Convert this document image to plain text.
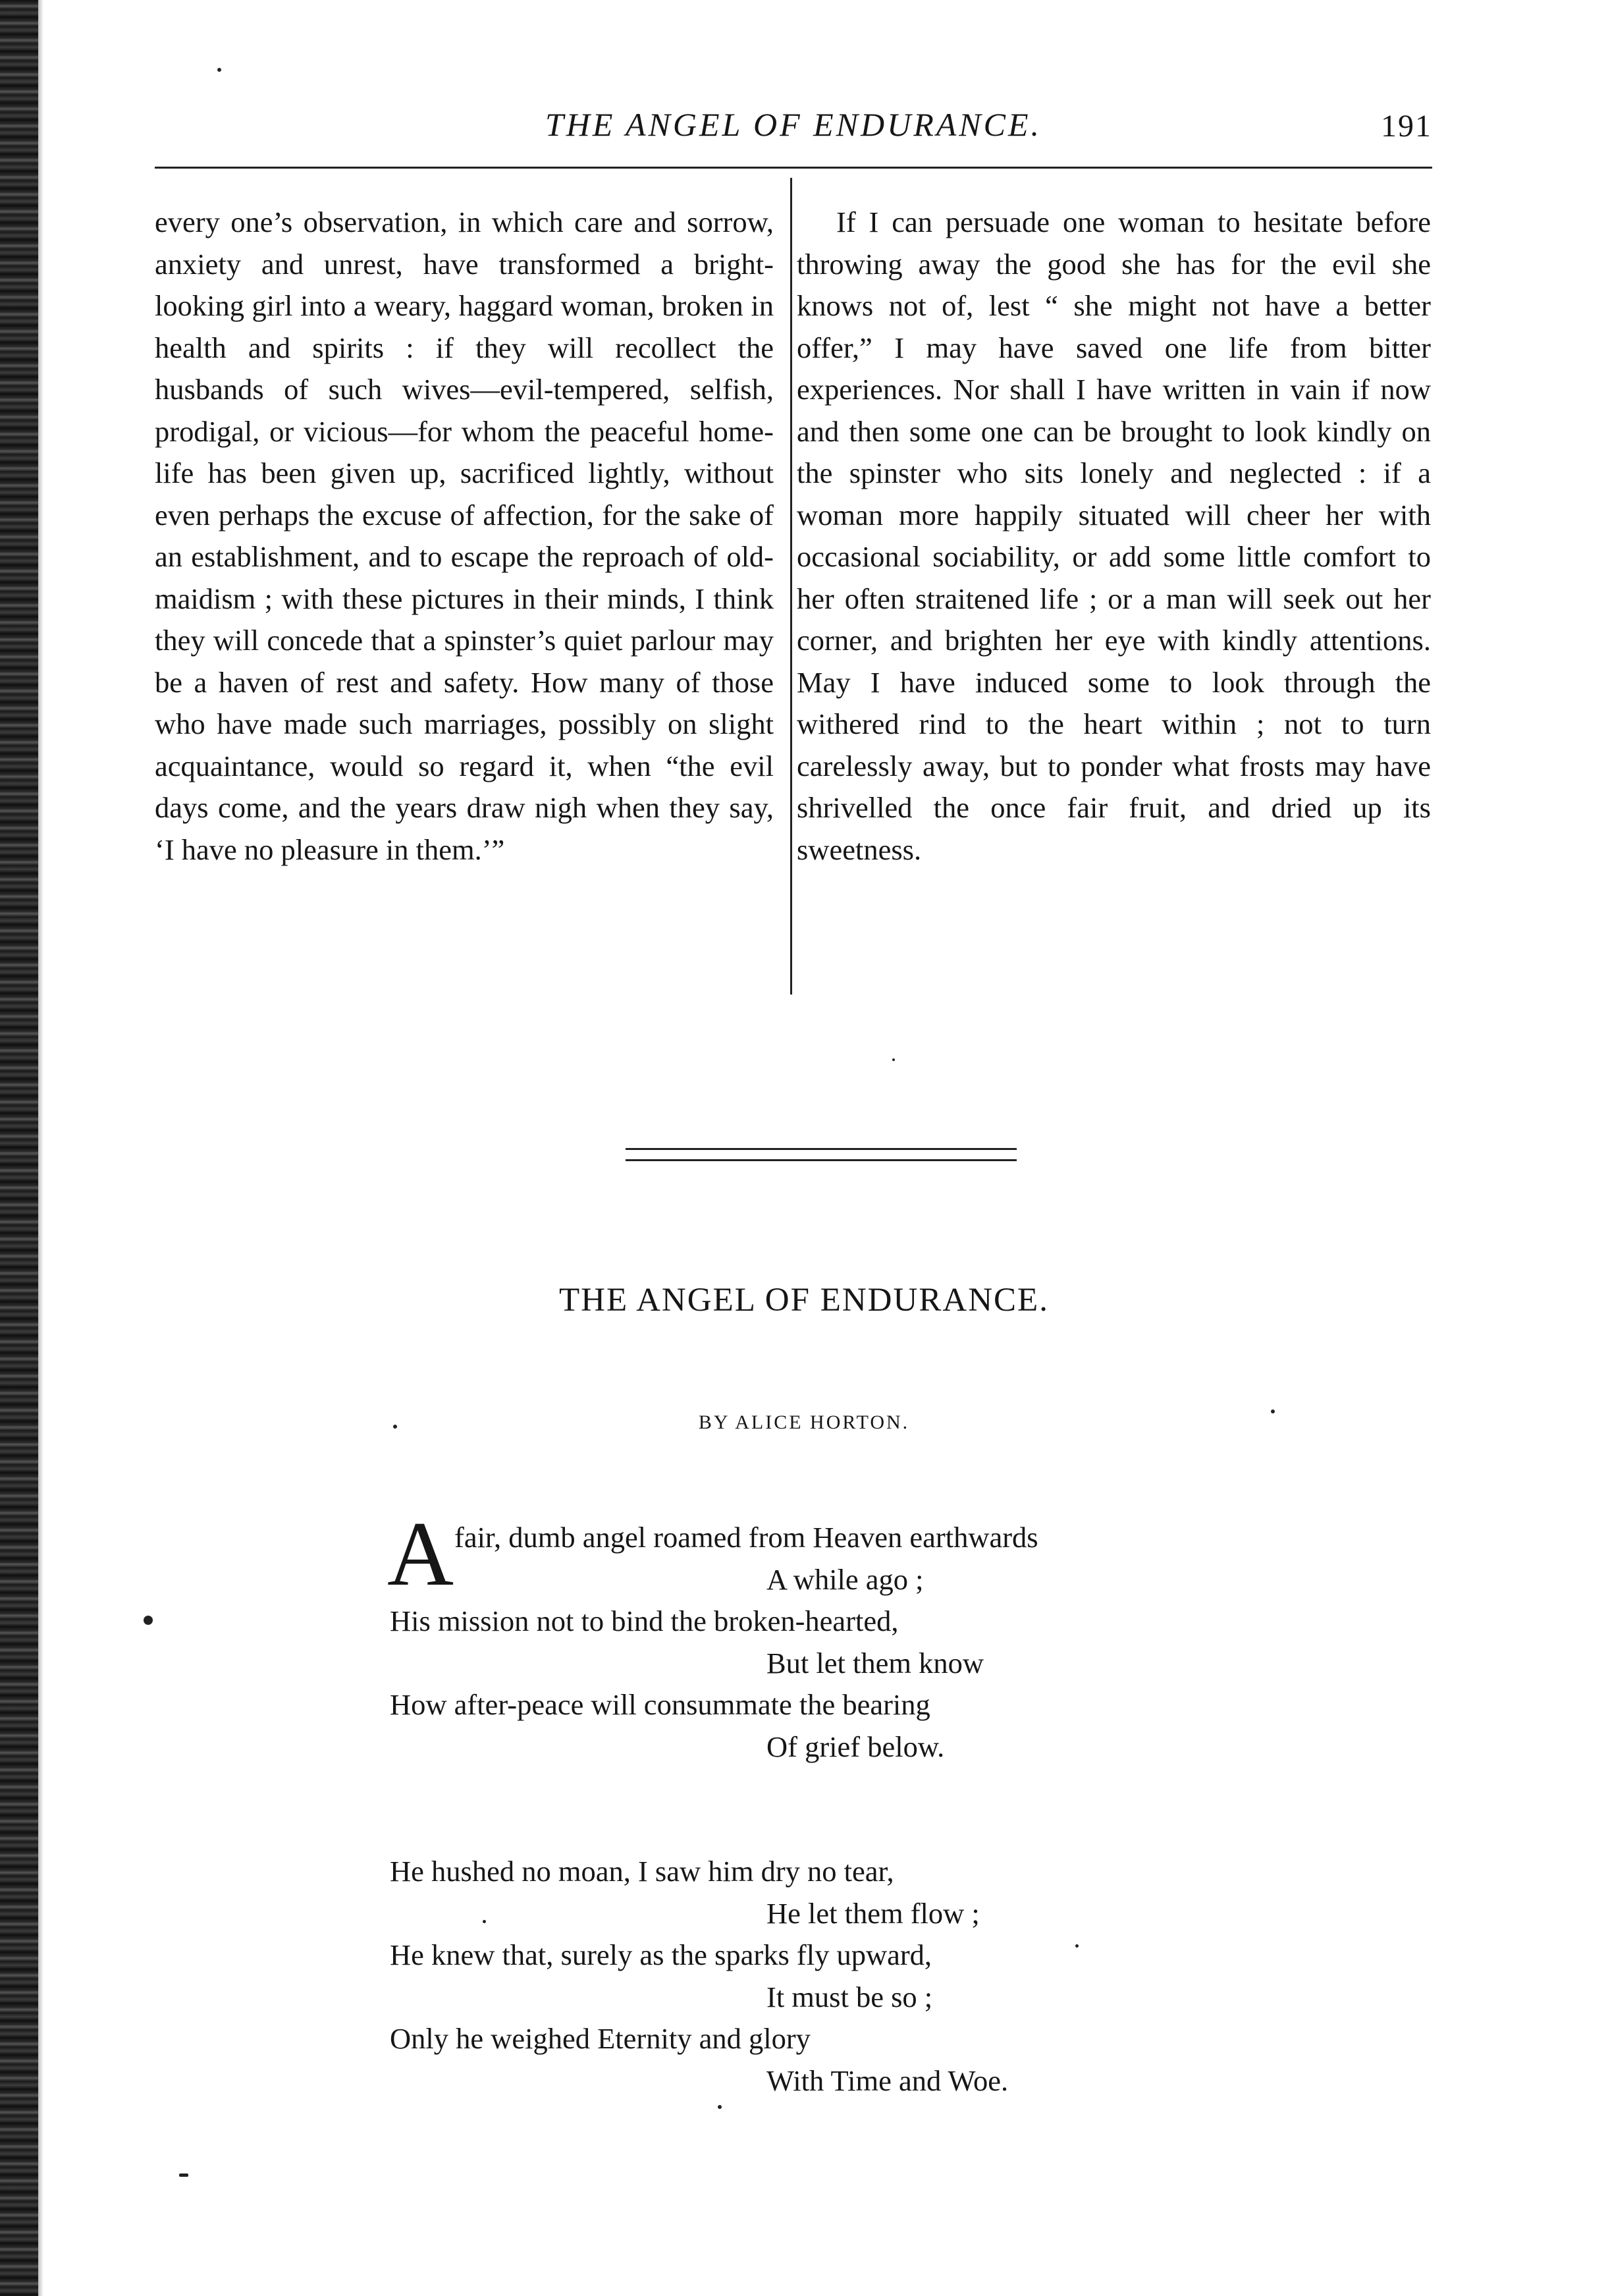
THE ANGEL OF ENDURANCE.	191

every one’s observation, in which care and sorrow, anxiety and unrest, have transformed a bright-looking girl into a weary, haggard woman, broken in health and spirits : if they will recollect the husbands of such wives—evil-tempered, selfish, prodigal, or vicious—for whom the peaceful home-life has been given up, sacrificed lightly, without even perhaps the excuse of affection, for the sake of an establishment, and to escape the reproach of old-maidism ; with these pictures in their minds, I think they will concede that a spinster’s quiet parlour may be a haven of rest and safety. How many of those who have made such marriages, possibly on slight acquaintance, would so regard it, when “the evil days come, and the years draw nigh when they say, ‘I have no pleasure in them.’”

If I can persuade one woman to hesitate before throwing away the good she has for the evil she knows not of, lest “ she might not have a better offer,” I may have saved one life from bitter experiences. Nor shall I have written in vain if now and then some one can be brought to look kindly on the spinster who sits lonely and neglected : if a woman more happily situated will cheer her with occasional sociability, or add some little comfort to her often straitened life ; or a man will seek out her corner, and brighten her eye with kindly attentions. May I have induced some to look through the withered rind to the heart within ; not to turn carelessly away, but to ponder what frosts may have shrivelled the once fair fruit, and dried up its sweetness.

THE ANGEL OF ENDURANCE.
BY ALICE HORTON.
A fair, dumb angel roamed from Heaven earthwards
A while ago ;
His mission not to bind the broken-hearted,
But let them know
How after-peace will consummate the bearing
Of grief below.
He hushed no moan, I saw him dry no tear,
He let them flow ;
He knew that, surely as the sparks fly upward,
It must be so ;
Only he weighed Eternity and glory
With Time and Woe.
